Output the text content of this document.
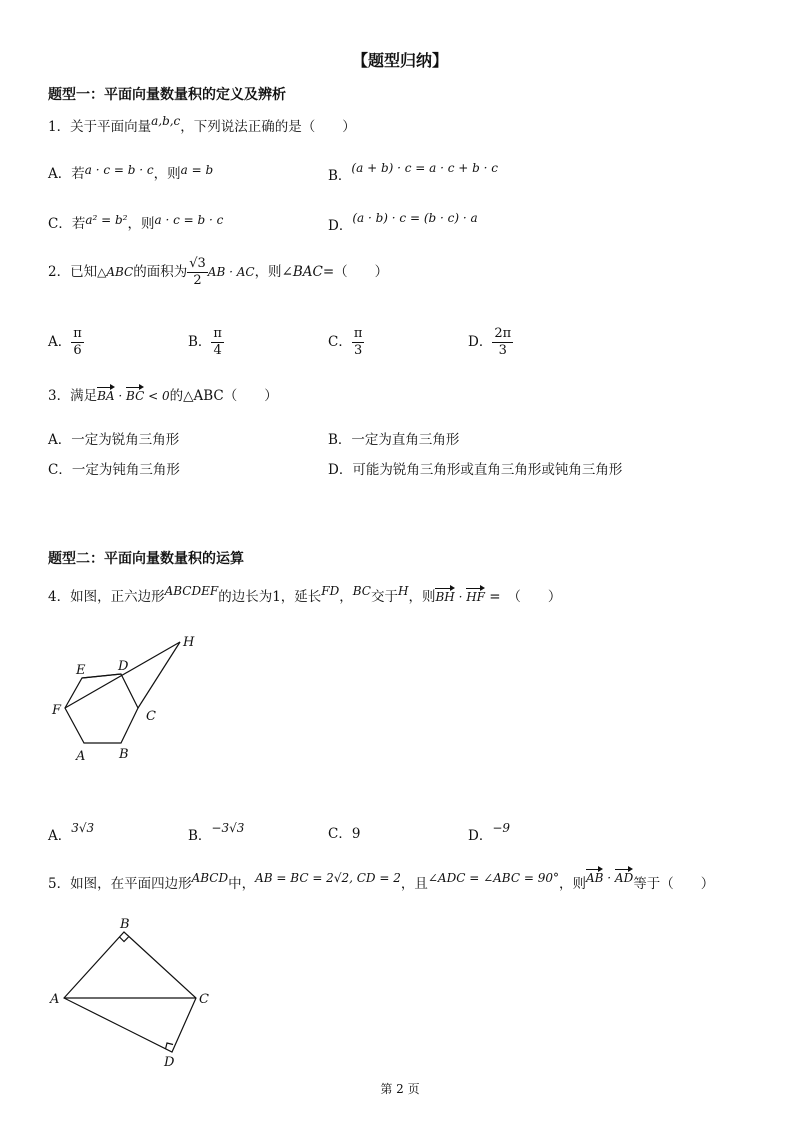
【题型归纳】
题型一：平面向量数量积的定义及辨析
1．关于平面向量a,b,c，下列说法正确的是（　　）
A．若a · c = b · c，则a = b	B．(a + b) · c = a · c + b · c
C．若a² = b²，则a · c = b · c	D．(a · b) · c = (b · c) · a
2．已知△ABC的面积为 $\frac{√3}{2}$ AB · AC，则∠BAC=（　　）
A． $\frac{\pi}{6}$	B． $\frac{\pi}{4}$	C． $\frac{\pi}{3}$	D． $\frac{2\pi}{3}$
3．满足BA · BC < 0的△ABC（　　）
A．一定为锐角三角形	B．一定为直角三角形
C．一定为钝角三角形	D．可能为锐角三角形或直角三角形或钝角三角形
题型二：平面向量数量积的运算
4．如图，正六边形ABCDEF的边长为1，延长FD，BC交于H，则BH · HF =　（　　）
E	D
H
F	C
A	B
A．3√3	B．−3√3	C．9	D．−9
5．如图，在平面四边形ABCD中，AB = BC = 2√2, CD = 2，且∠ADC = ∠ABC = 90°，则AB · AD等于（　　）
B
A	C
D
第 2 页
